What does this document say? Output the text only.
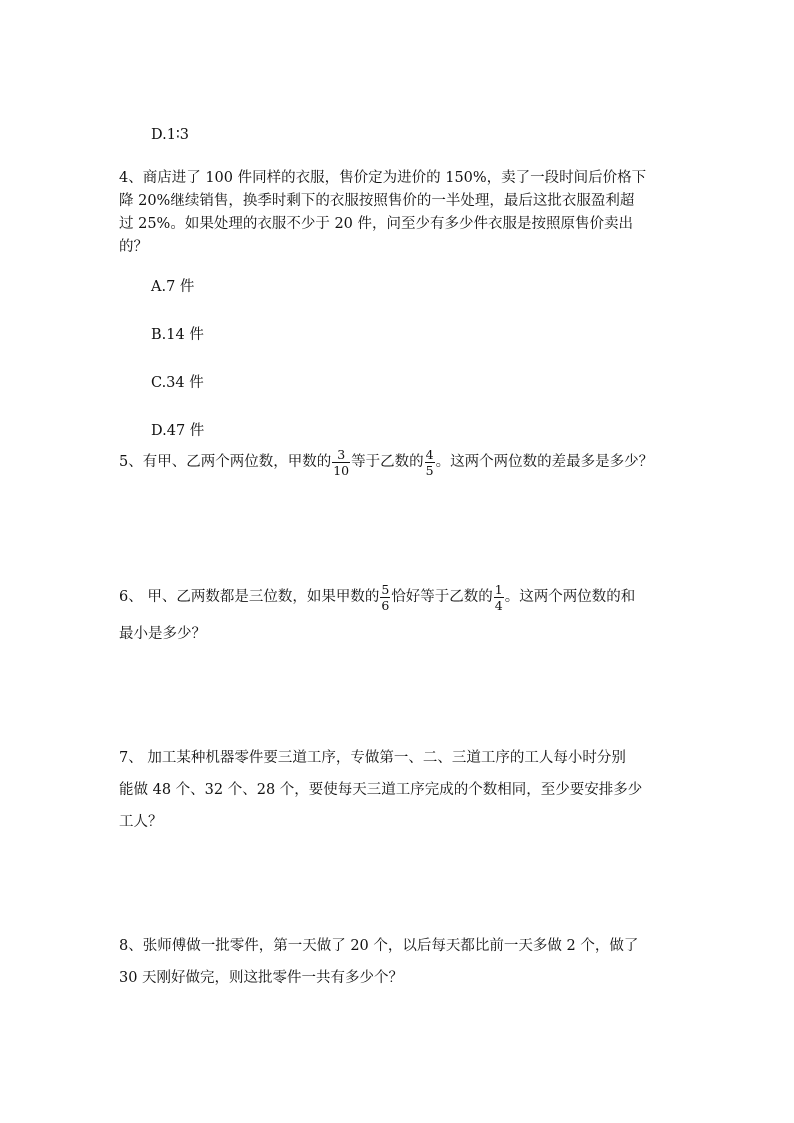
D.1∶3
4、商店进了 100 件同样的衣服，售价定为进价的 150%，卖了一段时间后价格下
降 20%继续销售，换季时剩下的衣服按照售价的一半处理，最后这批衣服盈利超
过 25%。如果处理的衣服不少于 20 件，问至少有多少件衣服是按照原售价卖出
的？
A.7 件
B.14 件
C.34 件
D.47 件
5、有甲、乙两个两位数，甲数的 $\frac{3}{10}$ 等于乙数的 $\frac{4}{5}$ 。这两个两位数的差最多是多少？
6、 甲、乙两数都是三位数，如果甲数的 $\frac{5}{6}$ 恰好等于乙数的 $\frac{1}{4}$ 。这两个两位数的和
最小是多少？
7、 加工某种机器零件要三道工序，专做第一、二、三道工序的工人每小时分别
能做 48 个、32 个、28 个，要使每天三道工序完成的个数相同，至少要安排多少
工人？
8、张师傅做一批零件，第一天做了 20 个，以后每天都比前一天多做 2 个，做了
30 天刚好做完，则这批零件一共有多少个？
